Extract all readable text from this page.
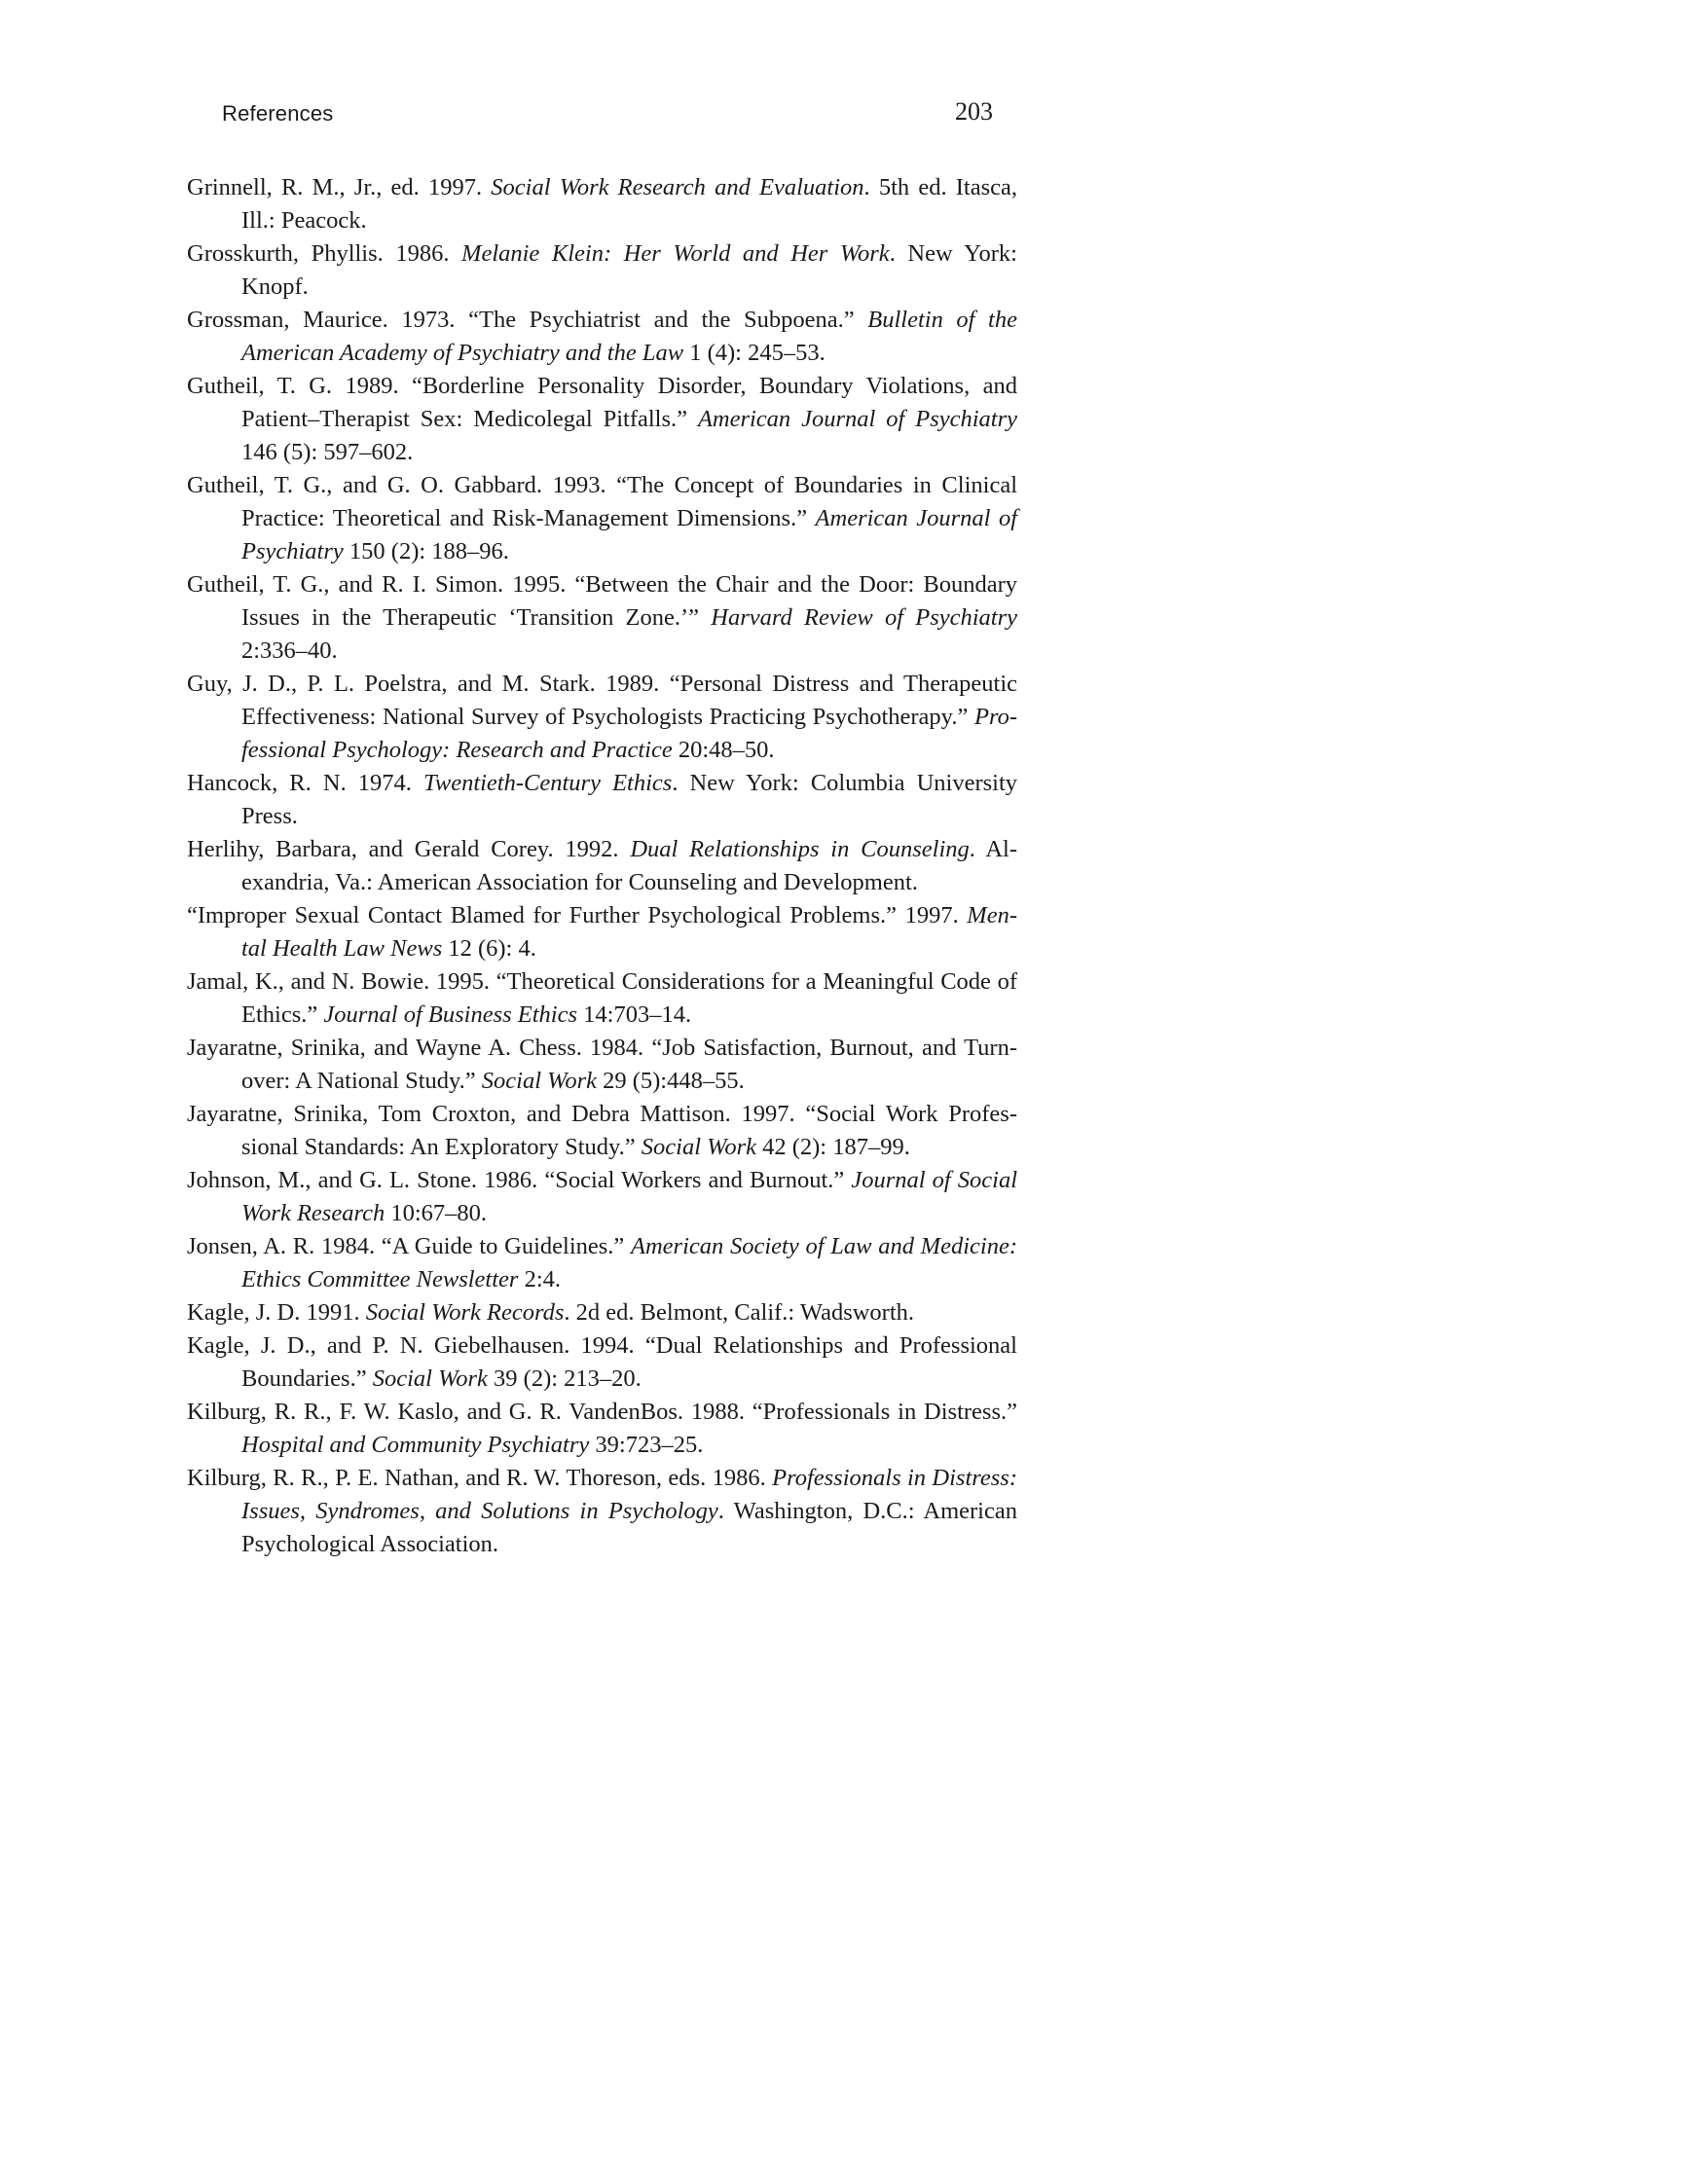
References	203

Grinnell, R. M., Jr., ed. 1997. Social Work Research and Evaluation. 5th ed. Itasca, Ill.: Peacock.

Grosskurth, Phyllis. 1986. Melanie Klein: Her World and Her Work. New York: Knopf.

Grossman, Maurice. 1973. “The Psychiatrist and the Subpoena.” Bulletin of the American Academy of Psychiatry and the Law 1 (4): 245–53.

Gutheil, T. G. 1989. “Borderline Personality Disorder, Boundary Violations, and Patient–Therapist Sex: Medicolegal Pitfalls.” American Journal of Psychiatry 146 (5): 597–602.

Gutheil, T. G., and G. O. Gabbard. 1993. “The Concept of Boundaries in Clinical Practice: Theoretical and Risk-Management Dimensions.” American Journal of Psychiatry 150 (2): 188–96.

Gutheil, T. G., and R. I. Simon. 1995. “Between the Chair and the Door: Boundary Issues in the Therapeutic ‘Transition Zone.’” Harvard Review of Psychiatry 2:336–40.

Guy, J. D., P. L. Poelstra, and M. Stark. 1989. “Personal Distress and Therapeutic Effectiveness: National Survey of Psychologists Practicing Psychotherapy.” Pro-fessional Psychology: Research and Practice 20:48–50.

Hancock, R. N. 1974. Twentieth-Century Ethics. New York: Columbia University Press.

Herlihy, Barbara, and Gerald Corey. 1992. Dual Relationships in Counseling. Al-exandria, Va.: American Association for Counseling and Development.

“Improper Sexual Contact Blamed for Further Psychological Problems.” 1997. Men-tal Health Law News 12 (6): 4.

Jamal, K., and N. Bowie. 1995. “Theoretical Considerations for a Meaningful Code of Ethics.” Journal of Business Ethics 14:703–14.

Jayaratne, Srinika, and Wayne A. Chess. 1984. “Job Satisfaction, Burnout, and Turn-over: A National Study.” Social Work 29 (5):448–55.

Jayaratne, Srinika, Tom Croxton, and Debra Mattison. 1997. “Social Work Profes-sional Standards: An Exploratory Study.” Social Work 42 (2): 187–99.

Johnson, M., and G. L. Stone. 1986. “Social Workers and Burnout.” Journal of Social Work Research 10:67–80.

Jonsen, A. R. 1984. “A Guide to Guidelines.” American Society of Law and Medicine: Ethics Committee Newsletter 2:4.

Kagle, J. D. 1991. Social Work Records. 2d ed. Belmont, Calif.: Wadsworth.

Kagle, J. D., and P. N. Giebelhausen. 1994. “Dual Relationships and Professional Boundaries.” Social Work 39 (2): 213–20.

Kilburg, R. R., F. W. Kaslo, and G. R. VandenBos. 1988. “Professionals in Distress.” Hospital and Community Psychiatry 39:723–25.

Kilburg, R. R., P. E. Nathan, and R. W. Thoreson, eds. 1986. Professionals in Distress: Issues, Syndromes, and Solutions in Psychology. Washington, D.C.: American Psychological Association.
